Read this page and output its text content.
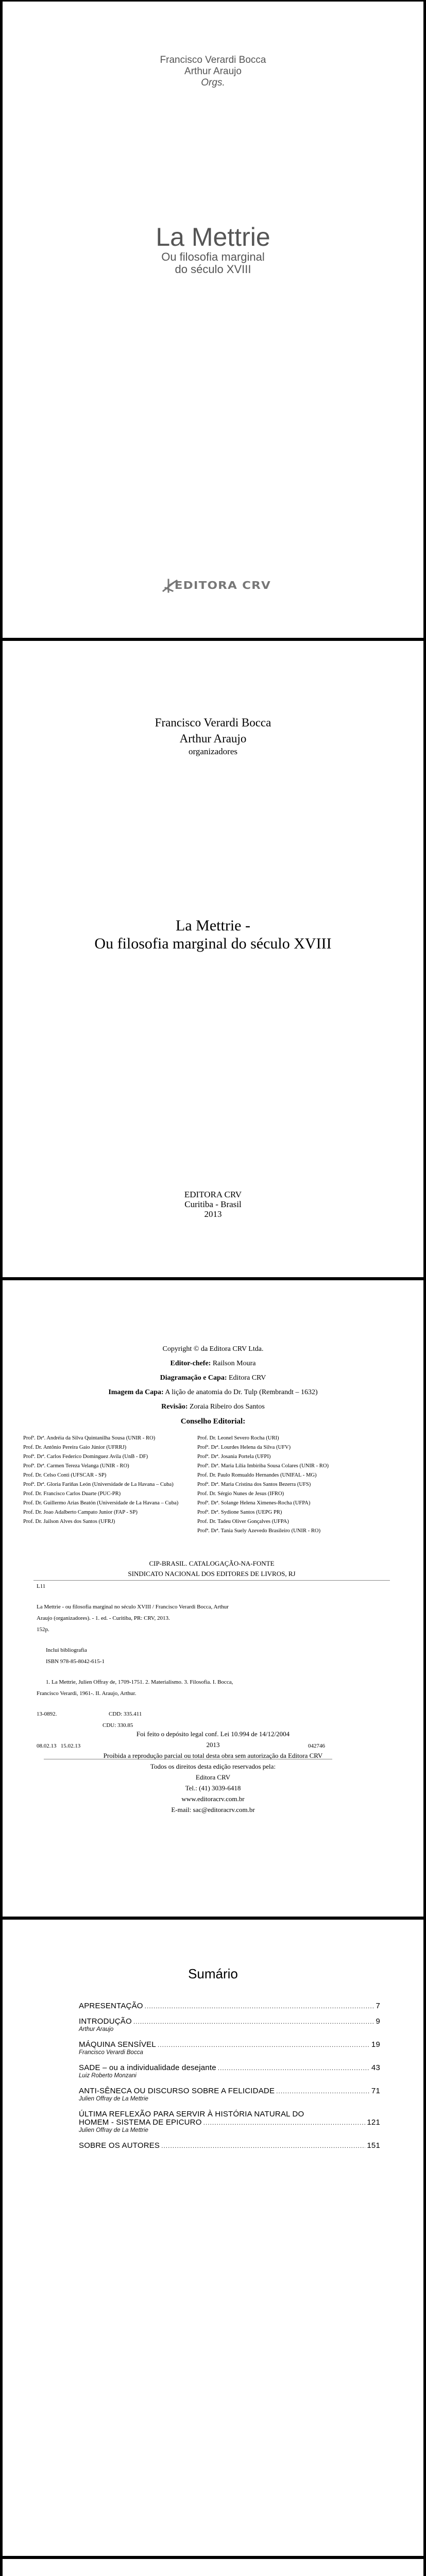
Francisco Verardi Bocca
Arthur Araujo
Orgs.
La Mettrie
Ou filosofia marginal
do século XVIII
EDITORA CRV
Francisco Verardi Bocca
Arthur Araujo
organizadores
La Mettrie -
Ou filosofia marginal do século XVIII
EDITORA CRV
Curitiba - Brasil
2013
Copyright © da Editora CRV Ltda.
Editor-chefe: Railson Moura
Diagramação e Capa: Editora CRV
Imagem da Capa: A lição de anatomia do Dr. Tulp (Rembrandt – 1632)
Revisão: Zoraia Ribeiro dos Santos
Conselho Editorial:
Profª. Drª. Andréia da Silva Quintanilha Sousa (UNIR - RO)
Prof. Dr. Antônio Pereira Gaio Júnior (UFRRJ)
Profª. Drª. Carlos Federico Dominguez Avila (UnB - DF)
Profª. Drª. Carmen Tereza Velanga (UNIR - RO)
Prof. Dr. Celso Conti (UFSCAR - SP)
Profª. Drª. Gloria Fariñas León (Universidade de La Havana – Cuba)
Prof. Dr. Francisco Carlos Duarte (PUC-PR)
Prof. Dr. Guillermo Arias Beatón (Universidade de La Havana – Cuba)
Prof. Dr. Joao Adalberto Campato Junior (FAP - SP)
Prof. Dr. Jailson Alves dos Santos (UFRJ)
Prof. Dr. Leonel Severo Rocha (URI)
Profª. Drª. Lourdes Helena da Silva (UFV)
Profª. Drª. Josania Portela (UFPI)
Profª. Drª. Maria Lília Imbiriba Sousa Colares (UNIR - RO)
Prof. Dr. Paulo Romualdo Hernandes (UNIFAL - MG)
Profª. Drª. Maria Cristina dos Santos Bezerra (UFS)
Prof. Dr. Sérgio Nunes de Jesus (IFRO)
Profª. Drª. Solange Helena Ximenes-Rocha (UFPA)
Profª. Drª. Sydione Santos (UEPG PR)
Prof. Dr. Tadeu Oliver Gonçalves (UFPA)
Profª. Drª. Tania Suely Azevedo Brasileiro (UNIR - RO)
CIP-BRASIL. CATALOGAÇÃO-NA-FONTE
SINDICATO NACIONAL DOS EDITORES DE LIVROS, RJ
L11
La Mettrie - ou filosofia marginal no século XVIII / Francisco Verardi Bocca, Arthur
Araujo (organizadores). - 1. ed. - Curitiba, PR: CRV, 2013.
152p.
Inclui bibliografia
ISBN 978-85-8042-615-1
1. La Mettrie, Julien Offray de, 1709-1751. 2. Materialismo. 3. Filosofia. I. Bocca,
Francisco Verardi, 1961-. II. Araujo, Arthur.
13-0892.	CDD: 335.411
CDU: 330.85
08.02.13 15.02.13	042746
Foi feito o depósito legal conf. Lei 10.994 de 14/12/2004
2013
Proibida a reprodução parcial ou total desta obra sem autorização da Editora CRV
Todos os direitos desta edição reservados pela:
Editora CRV
Tel.: (41) 3039-6418
www.editoracrv.com.br
E-mail: sac@editoracrv.com.br
Sumário
APRESENTAÇÃO .....	7
INTRODUÇÃO .....	9
Arthur Araujo
MÁQUINA SENSÍVEL .....	19
Francisco Verardi Bocca
SADE – ou a individualidade desejante .....	43
Luiz Roberto Monzani
ANTI-SÊNECA OU DISCURSO SOBRE A FELICIDADE .....	71
Julien Offray de La Mettrie
ÚLTIMA REFLEXÃO PARA SERVIR À HISTÓRIA NATURAL DO
HOMEM - SISTEMA DE EPICURO .....	121
Julien Offray de La Mettrie
SOBRE OS AUTORES .....	151
